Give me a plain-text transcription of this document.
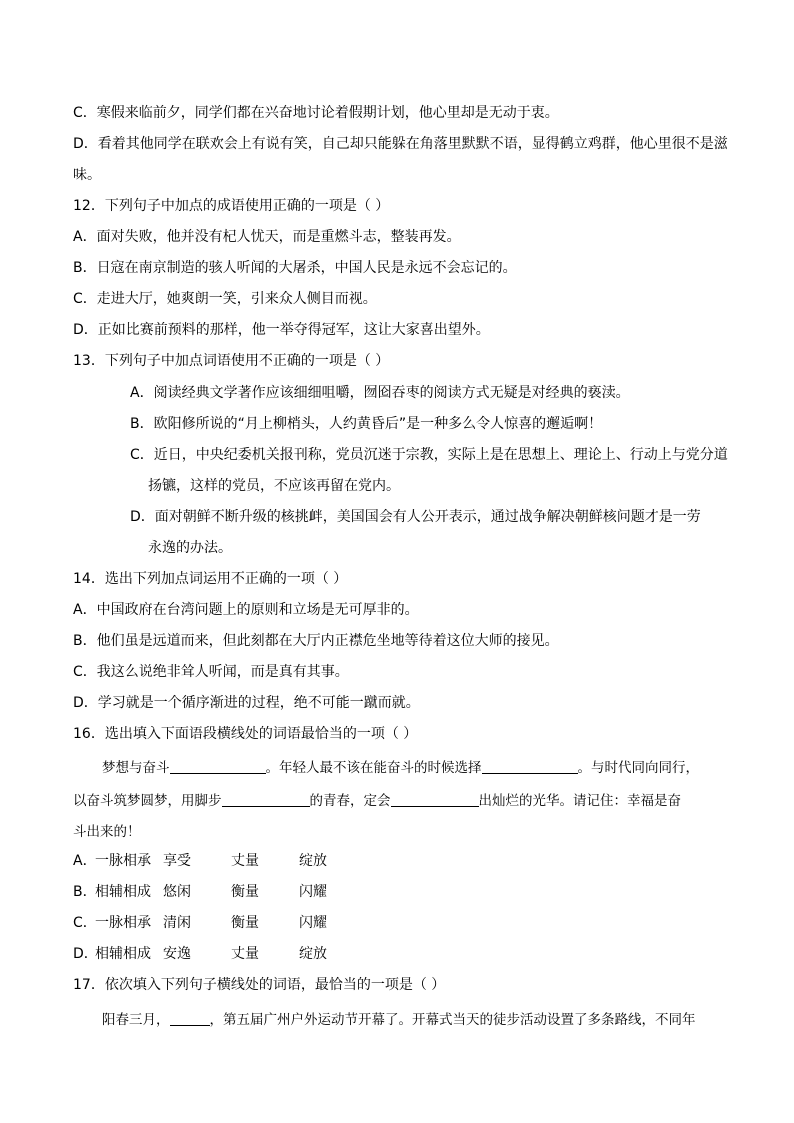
C．寒假来临前夕，同学们都在兴奋地讨论着假期计划，他心里却是无动于衷。
D．看着其他同学在联欢会上有说有笑，自己却只能躲在角落里默默不语，显得鹤立鸡群，他心里很不是滋
味。
12．下列句子中加点的成语使用正确的一项是（ ）
A．面对失败，他并没有杞人忧天，而是重燃斗志，整装再发。
B．日寇在南京制造的骇人听闻的大屠杀，中国人民是永远不会忘记的。
C．走进大厅，她爽朗一笑，引来众人侧目而视。
D．正如比赛前预料的那样，他一举夺得冠军，这让大家喜出望外。
13．下列句子中加点词语使用不正确的一项是（ ）
A．阅读经典文学著作应该细细咀嚼，囫囵吞枣的阅读方式无疑是对经典的亵渎。
B．欧阳修所说的“月上柳梢头，人约黄昏后”是一种多么令人惊喜的邂逅啊！
C．近日，中央纪委机关报刊称，党员沉迷于宗教，实际上是在思想上、理论上、行动上与党分道
扬镳，这样的党员，不应该再留在党内。
D．面对朝鲜不断升级的核挑衅，美国国会有人公开表示，通过战争解决朝鲜核问题才是一劳
永逸的办法。
14．选出下列加点词运用不正确的一项（ ）
A．中国政府在台湾问题上的原则和立场是无可厚非的。
B．他们虽是远道而来，但此刻都在大厅内正襟危坐地等待着这位大师的接见。
C．我这么说绝非耸人听闻，而是真有其事。
D．学习就是一个循序渐进的过程，绝不可能一蹴而就。
16．选出填入下面语段横线处的词语最恰当的一项（ ）
梦想与奋斗	。年轻人最不该在能奋斗的时候选择	。与时代同向同行，
以奋斗筑梦圆梦，用脚步	的青春，定会	出灿烂的光华。请记住：幸福是奋
斗出来的！
A．一脉相承 享受	丈量	绽放
B．相辅相成 悠闲	衡量	闪耀
C．一脉相承 清闲	衡量	闪耀
D．相辅相成 安逸	丈量	绽放
17．依次填入下列句子横线处的词语，最恰当的一项是（ ）
阳春三月，	，第五届广州户外运动节开幕了。开幕式当天的徒步活动设置了多条路线，不同年
